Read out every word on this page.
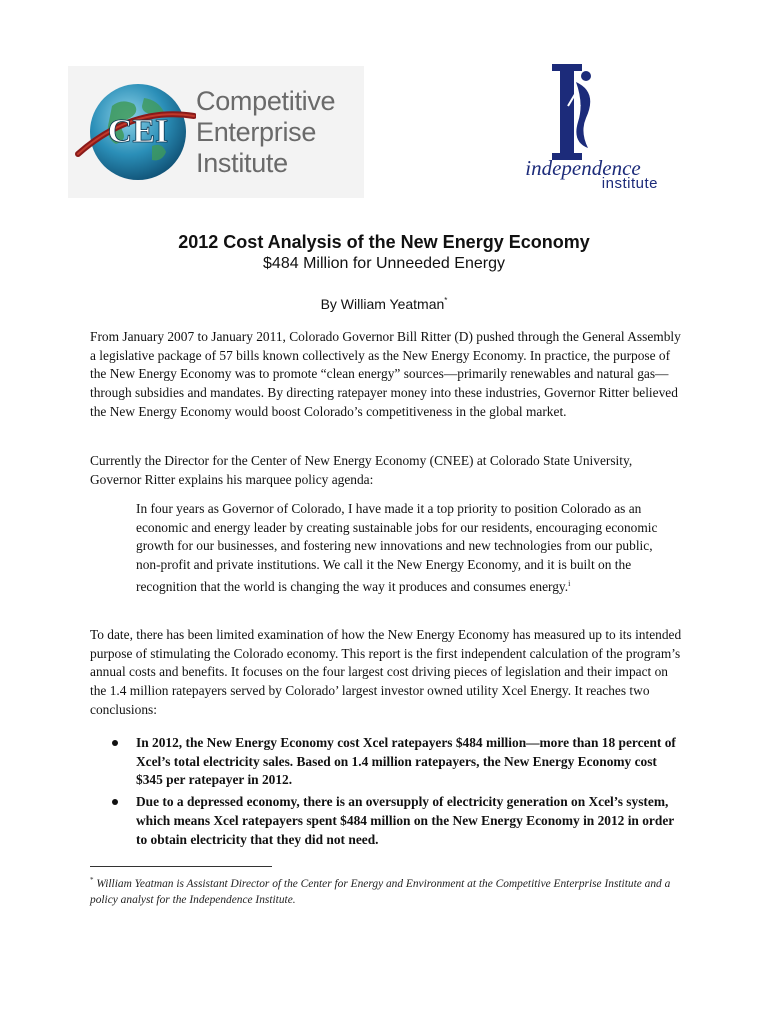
CEI
Competitive
Enterprise
Institute	independence
institute
2012 Cost Analysis of the New Energy Economy
$484 Million for Unneeded Energy
By William Yeatman*
From January 2007 to January 2011, Colorado Governor Bill Ritter (D) pushed through the General Assembly a legislative package of 57 bills known collectively as the New Energy Economy. In practice, the purpose of the New Energy Economy was to promote “clean energy” sources—primarily renewables and natural gas—through subsidies and mandates. By directing ratepayer money into these industries, Governor Ritter believed the New Energy Economy would boost Colorado’s competitiveness in the global market.
Currently the Director for the Center of New Energy Economy (CNEE) at Colorado State University, Governor Ritter explains his marquee policy agenda:
In four years as Governor of Colorado, I have made it a top priority to position Colorado as an economic and energy leader by creating sustainable jobs for our residents, encouraging economic growth for our businesses, and fostering new innovations and new technologies from our public, non-profit and private institutions. We call it the New Energy Economy, and it is built on the recognition that the world is changing the way it produces and consumes energy.$^i$
To date, there has been limited examination of how the New Energy Economy has measured up to its intended purpose of stimulating the Colorado economy. This report is the first independent calculation of the program’s annual costs and benefits. It focuses on the four largest cost driving pieces of legislation and their impact on the 1.4 million ratepayers served by Colorado’ largest investor owned utility Xcel Energy. It reaches two conclusions:
In 2012, the New Energy Economy cost Xcel ratepayers $484 million—more than 18 percent of Xcel’s total electricity sales. Based on 1.4 million ratepayers, the New Energy Economy cost $345 per ratepayer in 2012.
Due to a depressed economy, there is an oversupply of electricity generation on Xcel’s system, which means Xcel ratepayers spent $484 million on the New Energy Economy in 2012 in order to obtain electricity that they did not need.
* William Yeatman is Assistant Director of the Center for Energy and Environment at the Competitive Enterprise Institute and a policy analyst for the Independence Institute.
